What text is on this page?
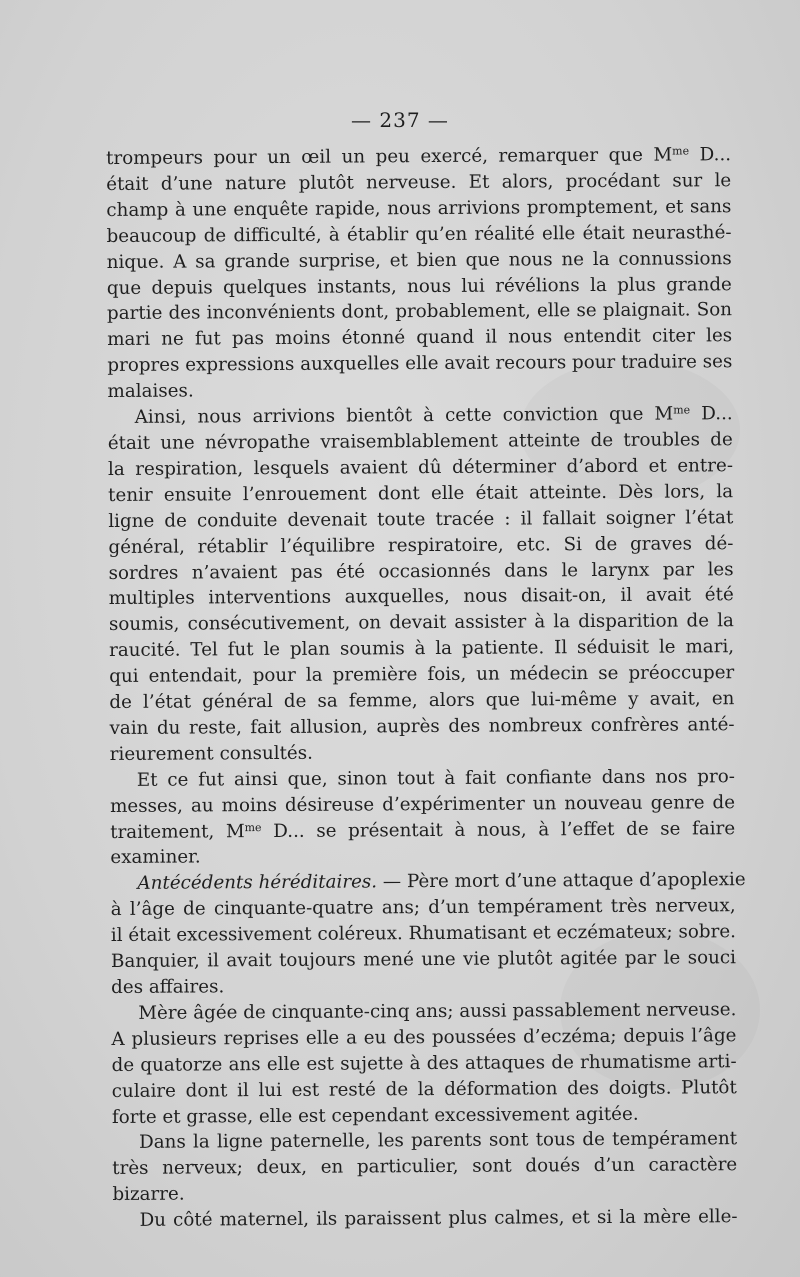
— 237 —
trompeurs pour un œil un peu exercé, remarquer que $M^{me}$ D...
était d’une nature plutôt nerveuse. Et alors, procédant sur le
champ à une enquête rapide, nous arrivions promptement, et sans
beaucoup de difficulté, à établir qu’en réalité elle était neurasthé-
nique. A sa grande surprise, et bien que nous ne la connussions
que depuis quelques instants, nous lui révélions la plus grande
partie des inconvénients dont, probablement, elle se plaignait. Son
mari ne fut pas moins étonné quand il nous entendit citer les
propres expressions auxquelles elle avait recours pour traduire ses
malaises.
Ainsi, nous arrivions bientôt à cette conviction que $M^{me}$ D...
était une névropathe vraisemblablement atteinte de troubles de
la respiration, lesquels avaient dû déterminer d’abord et entre-
tenir ensuite l’enrouement dont elle était atteinte. Dès lors, la
ligne de conduite devenait toute tracée : il fallait soigner l’état
général, rétablir l’équilibre respiratoire, etc. Si de graves dé-
sordres n’avaient pas été occasionnés dans le larynx par les
multiples interventions auxquelles, nous disait-on, il avait été
soumis, consécutivement, on devait assister à la disparition de la
raucité. Tel fut le plan soumis à la patiente. Il séduisit le mari,
qui entendait, pour la première fois, un médecin se préoccuper
de l’état général de sa femme, alors que lui-même y avait, en
vain du reste, fait allusion, auprès des nombreux confrères anté-
rieurement consultés.
Et ce fut ainsi que, sinon tout à fait confiante dans nos pro-
messes, au moins désireuse d’expérimenter un nouveau genre de
traitement, $M^{me}$ D... se présentait à nous, à l’effet de se faire
examiner.
Antécédents héréditaires. — Père mort d’une attaque d’apoplexie
à l’âge de cinquante-quatre ans; d’un tempérament très nerveux,
il était excessivement coléreux. Rhumatisant et eczémateux; sobre.
Banquier, il avait toujours mené une vie plutôt agitée par le souci
des affaires.
Mère âgée de cinquante-cinq ans; aussi passablement nerveuse.
A plusieurs reprises elle a eu des poussées d’eczéma; depuis l’âge
de quatorze ans elle est sujette à des attaques de rhumatisme arti-
culaire dont il lui est resté de la déformation des doigts. Plutôt
forte et grasse, elle est cependant excessivement agitée.
Dans la ligne paternelle, les parents sont tous de tempérament
très nerveux; deux, en particulier, sont doués d’un caractère
bizarre.
Du côté maternel, ils paraissent plus calmes, et si la mère elle-
